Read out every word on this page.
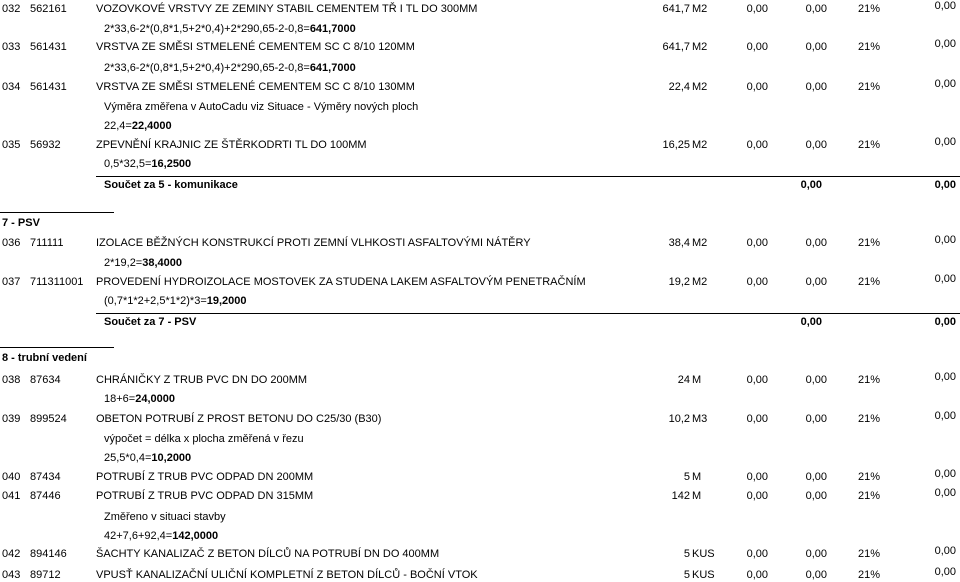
032 562161	VOZOVKOVÉ VRSTVY ZE ZEMINY STABIL CEMENTEM TŘ I TL DO 300MM	641,7 M2	0,00	0,00	21%	0,00
2*33,6-2*(0,8*1,5+2*0,4)+2*290,65-2-0,8=641,7000
033 561431	VRSTVA ZE SMĚSI STMELENÉ CEMENTEM SC C 8/10 120MM	641,7 M2	0,00	0,00	21%	0,00
2*33,6-2*(0,8*1,5+2*0,4)+2*290,65-2-0,8=641,7000
034 561431	VRSTVA ZE SMĚSI STMELENÉ CEMENTEM SC C 8/10 130MM	22,4 M2	0,00	0,00	21%	0,00
Výměra změřena v AutoCadu viz Situace - Výměry nových ploch
22,4=22,4000
035 56932	ZPEVNĚNÍ KRAJNIC ZE ŠTĚRKODRTI TL DO 100MM	16,25 M2	0,00	0,00	21%	0,00
0,5*32,5=16,2500
Součet za 5 - komunikace	0,00	0,00
7 - PSV
036 711111	IZOLACE BĚŽNÝCH KONSTRUKCÍ PROTI ZEMNÍ VLHKOSTI ASFALTOVÝMI NÁTĚRY	38,4 M2	0,00	0,00	21%	0,00
2*19,2=38,4000
037 711311001 PROVEDENÍ HYDROIZOLACE MOSTOVEK ZA STUDENA LAKEM ASFALTOVÝM PENETRAČNÍM	19,2 M2	0,00	0,00	21%	0,00
(0,7*1*2+2,5*1*2)*3=19,2000
Součet za 7 - PSV	0,00	0,00
8 - trubní vedení
038 87634	CHRÁNIČKY Z TRUB PVC DN DO 200MM	24 M	0,00	0,00	21%	0,00
18+6=24,0000
039 899524	OBETON POTRUBÍ Z PROST BETONU DO C25/30 (B30)	10,2 M3	0,00	0,00	21%	0,00
výpočet = délka x plocha změřená v řezu
25,5*0,4=10,2000
040 87434	POTRUBÍ Z TRUB PVC ODPAD DN 200MM	5 M	0,00	0,00	21%	0,00
041 87446	POTRUBÍ Z TRUB PVC ODPAD DN 315MM	142 M	0,00	0,00	21%	0,00
Změřeno v situaci stavby
42+7,6+92,4=142,0000
042 894146	ŠACHTY KANALIZAČ Z BETON DÍLCŮ NA POTRUBÍ DN DO 400MM	5 KUS	0,00	0,00	21%	0,00
043 89712	VPUSŤ KANALIZAČNÍ ULIČNÍ KOMPLETNÍ Z BETON DÍLCŮ - BOČNÍ VTOK	5 KUS	0,00	0,00	21%	0,00
